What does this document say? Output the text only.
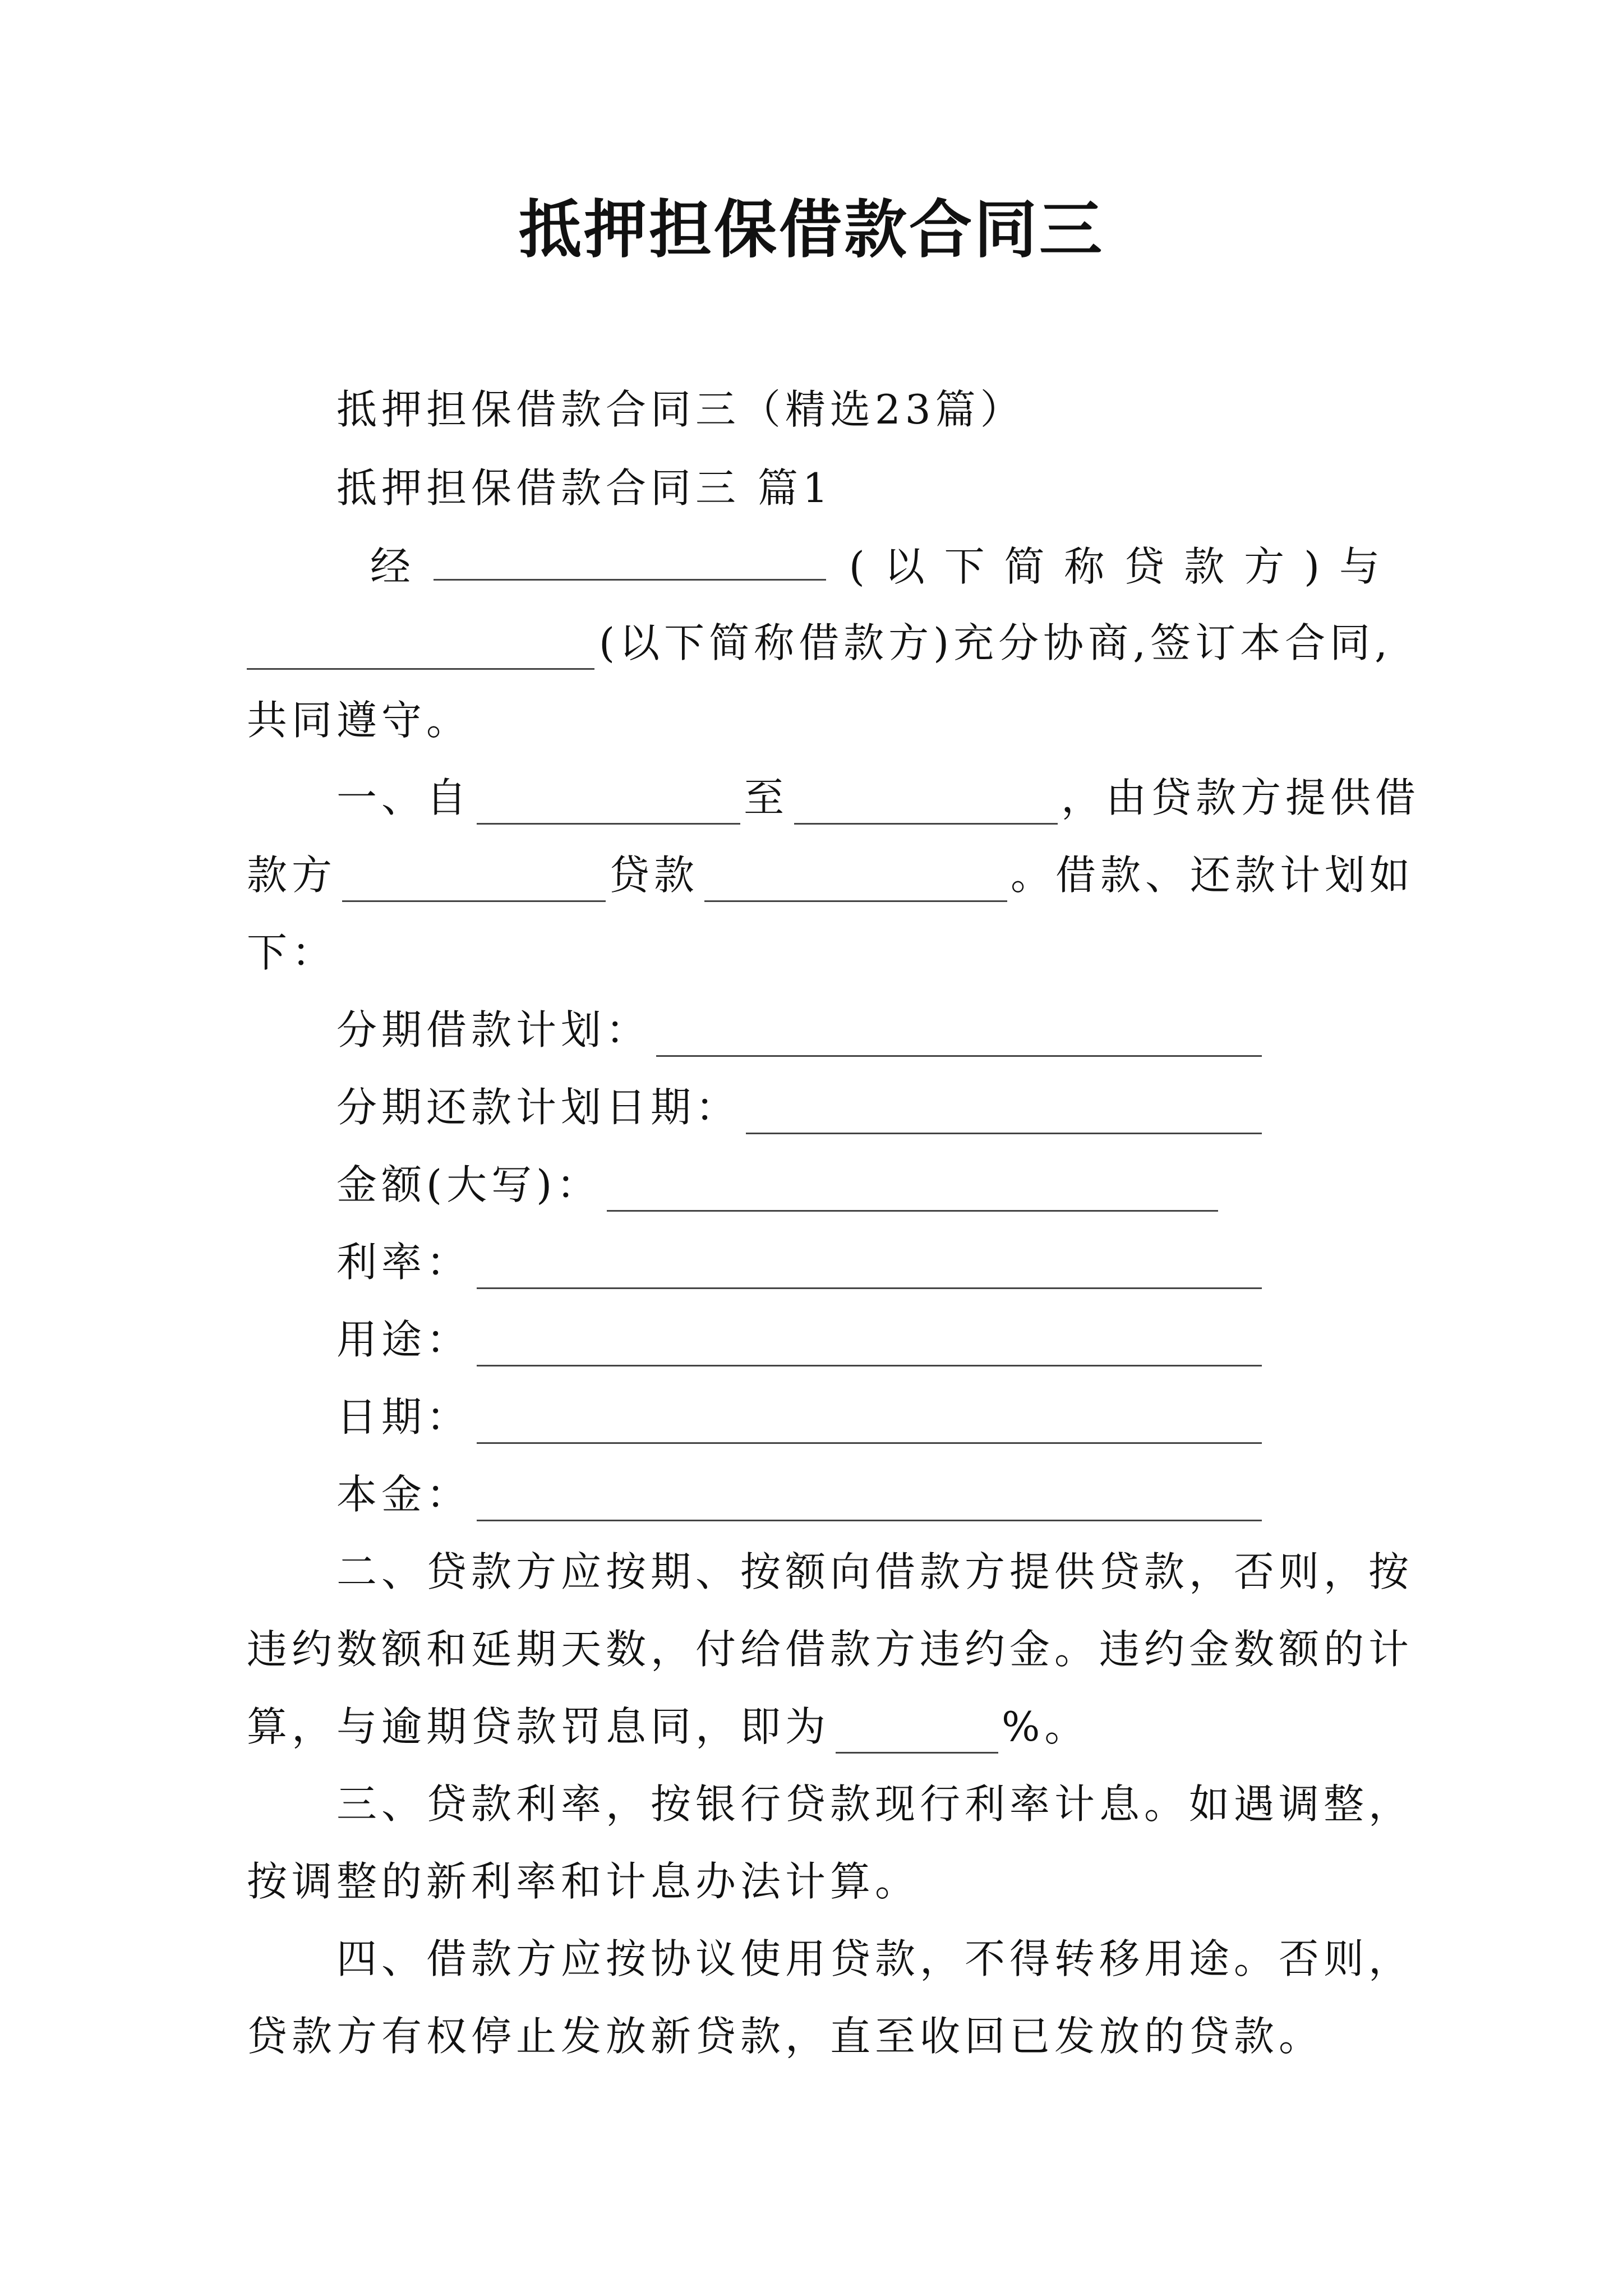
抵押担保借款合同三
抵押担保借款合同三（精选23篇）
抵押担保借款合同三 篇1
经	( 以 下 简 称 贷 款 方 ) 与
(以下简称借款方)充分协商,签订本合同,
共同遵守。
一、自	至	，由贷款方提供借
款方	贷款	。借款、还款计划如
下：
分期借款计划：
分期还款计划日期：
金额(大写)：
利率：
用途：
日期：
本金：
二、贷款方应按期、按额向借款方提供贷款，否则，按
违约数额和延期天数，付给借款方违约金。违约金数额的计
算，与逾期贷款罚息同，即为	%。
三、贷款利率，按银行贷款现行利率计息。如遇调整，
按调整的新利率和计息办法计算。
四、借款方应按协议使用贷款，不得转移用途。否则，
贷款方有权停止发放新贷款，直至收回已发放的贷款。
